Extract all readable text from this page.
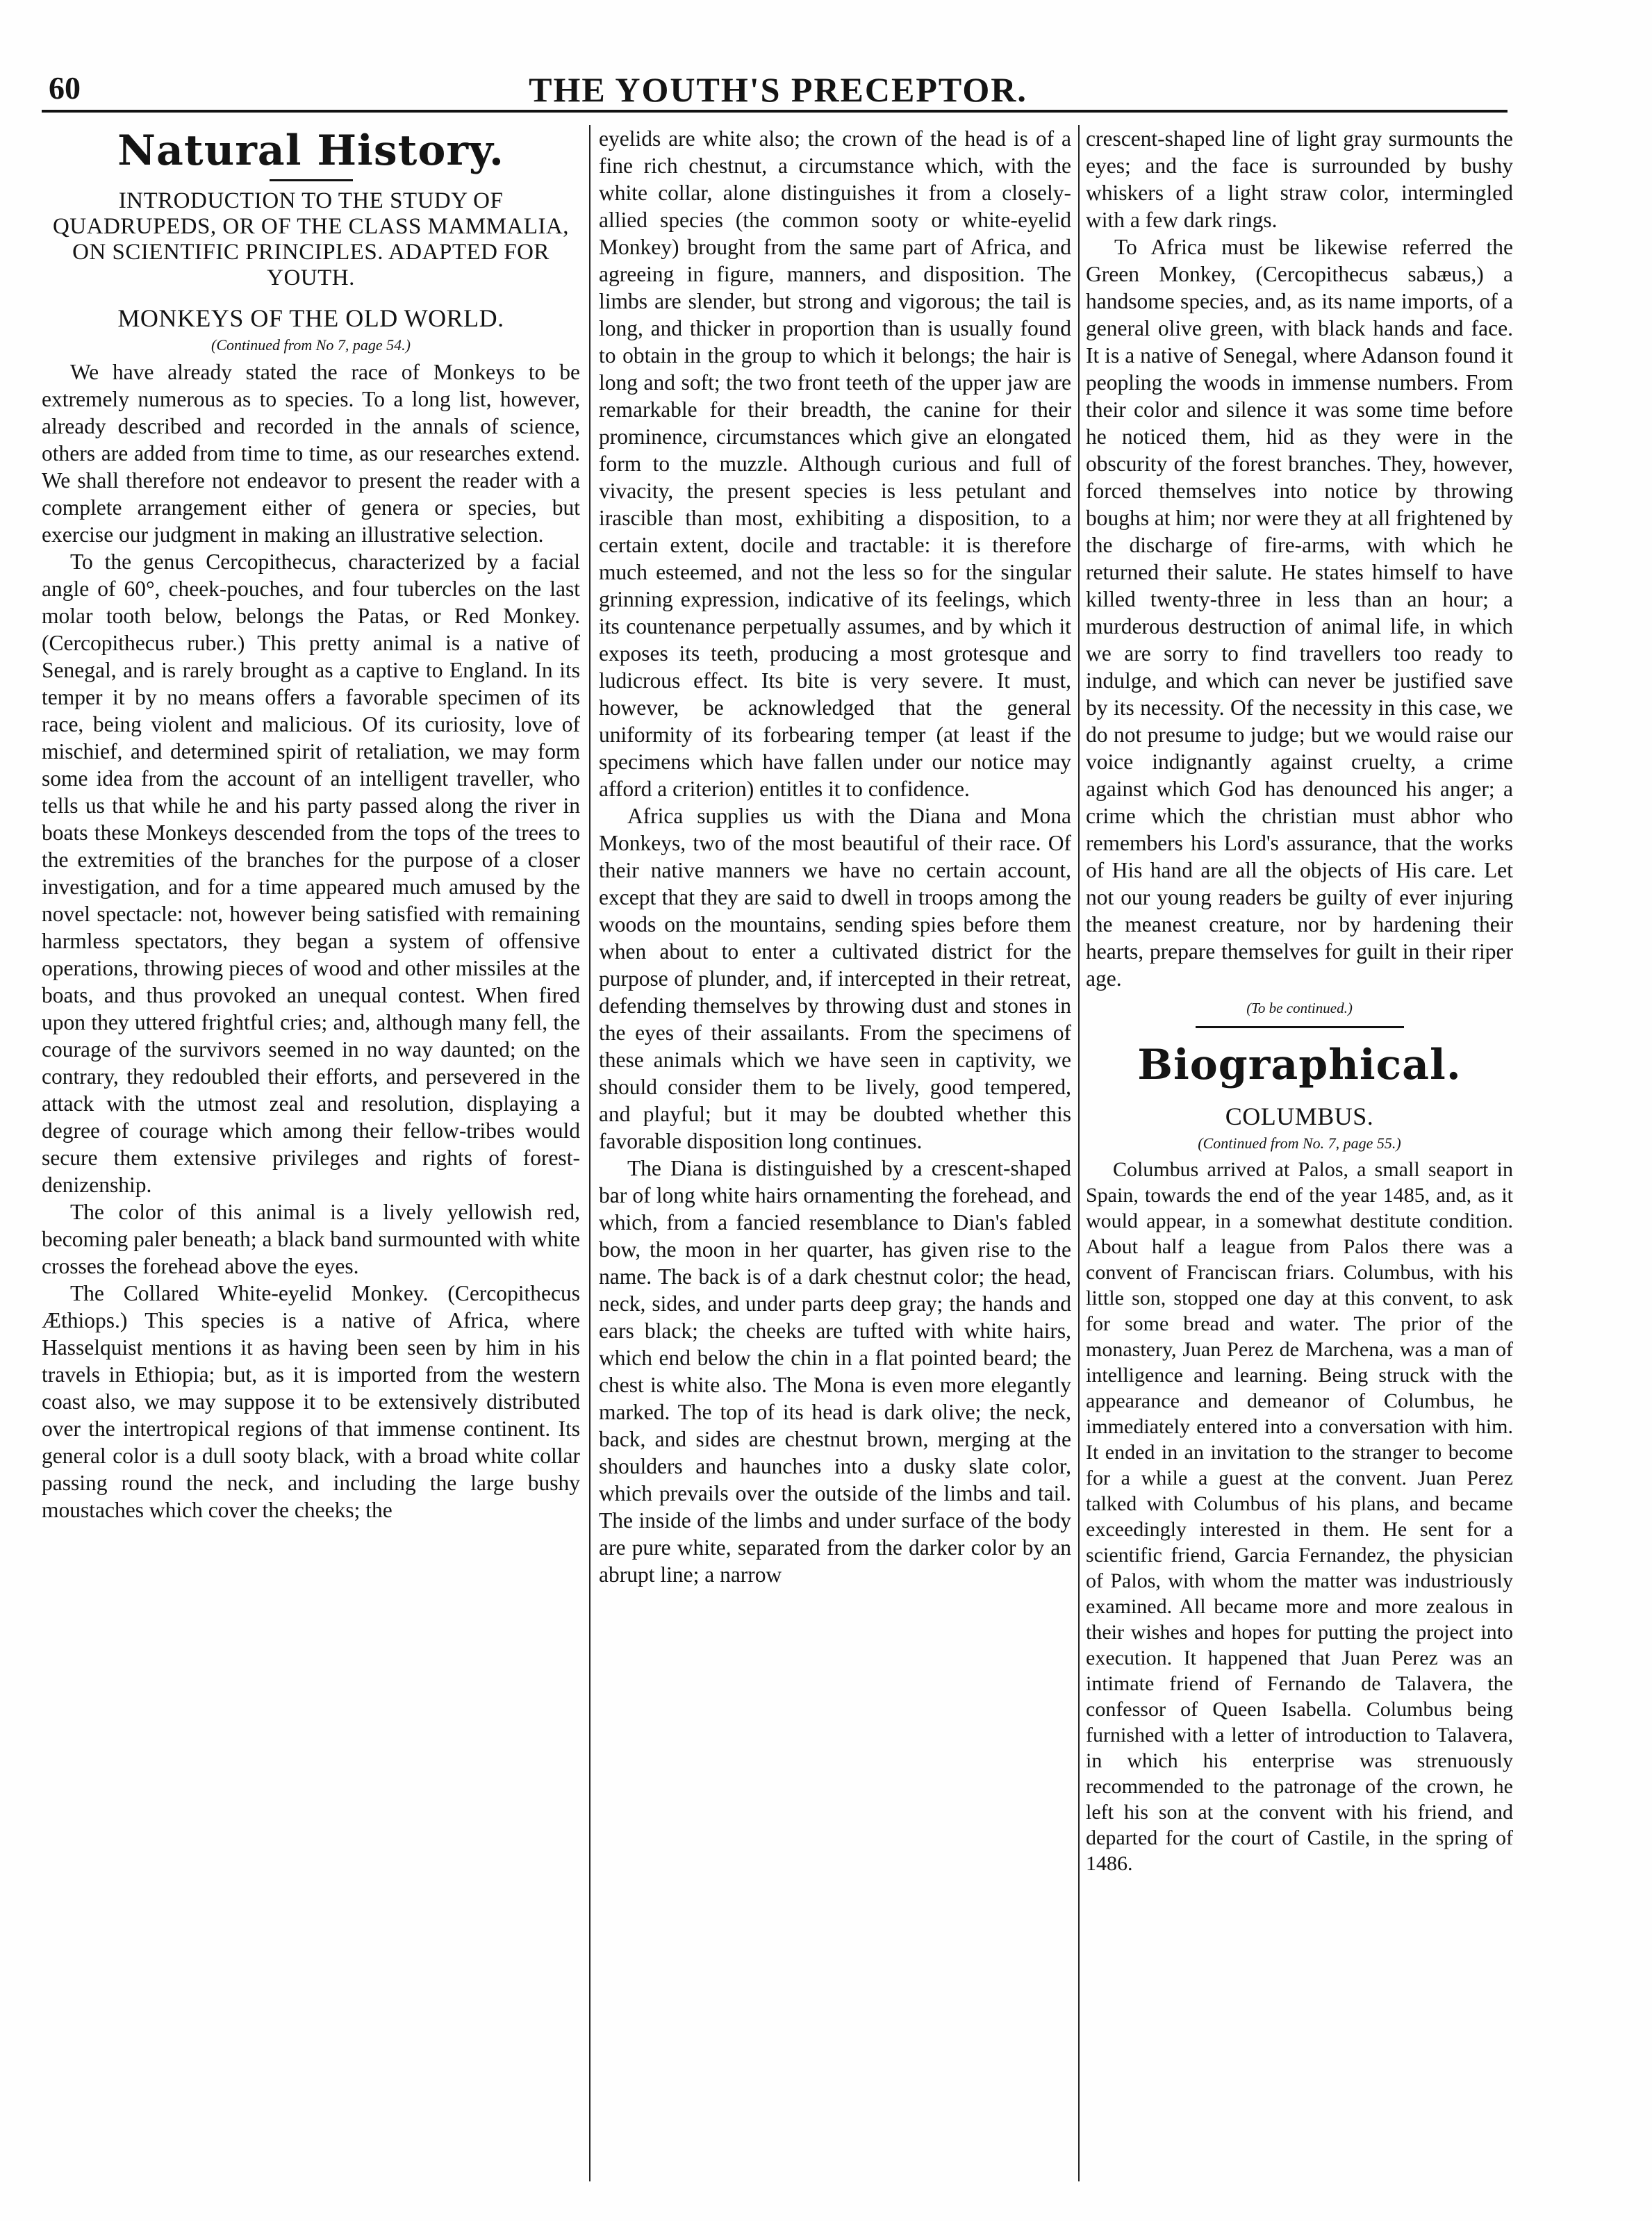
60	THE YOUTH'S PRECEPTOR.
Natural History.
INTRODUCTION TO THE STUDY OF QUADRUPEDS, OR OF THE CLASS MAMMALIA, ON SCIENTIFIC PRINCIPLES. ADAPTED FOR YOUTH.
MONKEYS OF THE OLD WORLD.
(Continued from No 7, page 54.)

We have already stated the race of Monkeys to be extremely numerous as to species. To a long list, however, already described and recorded in the annals of science, others are added from time to time, as our researches extend. We shall therefore not endeavor to present the reader with a complete arrangement either of genera or species, but exercise our judgment in making an illustrative selection.

To the genus Cercopithecus, characterized by a facial angle of 60°, cheek-pouches, and four tubercles on the last molar tooth below, belongs the Patas, or Red Monkey. (Cercopithecus ruber.) This pretty animal is a native of Senegal, and is rarely brought as a captive to England. In its temper it by no means offers a favorable specimen of its race, being violent and malicious. Of its curiosity, love of mischief, and determined spirit of retaliation, we may form some idea from the account of an intelligent traveller, who tells us that while he and his party passed along the river in boats these Monkeys descended from the tops of the trees to the extremities of the branches for the purpose of a closer investigation, and for a time appeared much amused by the novel spectacle: not, however being satisfied with remaining harmless spectators, they began a system of offensive operations, throwing pieces of wood and other missiles at the boats, and thus provoked an unequal contest. When fired upon they uttered frightful cries; and, although many fell, the courage of the survivors seemed in no way daunted; on the contrary, they redoubled their efforts, and persevered in the attack with the utmost zeal and resolution, displaying a degree of courage which among their fellow-tribes would secure them extensive privileges and rights of forest-denizenship.

The color of this animal is a lively yellowish red, becoming paler beneath; a black band surmounted with white crosses the forehead above the eyes.

The Collared White-eyelid Monkey. (Cercopithecus Æthiops.) This species is a native of Africa, where Hasselquist mentions it as having been seen by him in his travels in Ethiopia; but, as it is imported from the western coast also, we may suppose it to be extensively distributed over the intertropical regions of that immense continent. Its general color is a dull sooty black, with a broad white collar passing round the neck, and including the large bushy moustaches which cover the cheeks; the

eyelids are white also; the crown of the head is of a fine rich chestnut, a circumstance which, with the white collar, alone distinguishes it from a closely-allied species (the common sooty or white-eyelid Monkey) brought from the same part of Africa, and agreeing in figure, manners, and disposition. The limbs are slender, but strong and vigorous; the tail is long, and thicker in proportion than is usually found to obtain in the group to which it belongs; the hair is long and soft; the two front teeth of the upper jaw are remarkable for their breadth, the canine for their prominence, circumstances which give an elongated form to the muzzle. Although curious and full of vivacity, the present species is less petulant and irascible than most, exhibiting a disposition, to a certain extent, docile and tractable: it is therefore much esteemed, and not the less so for the singular grinning expression, indicative of its feelings, which its countenance perpetually assumes, and by which it exposes its teeth, producing a most grotesque and ludicrous effect. Its bite is very severe. It must, however, be acknowledged that the general uniformity of its forbearing temper (at least if the specimens which have fallen under our notice may afford a criterion) entitles it to confidence.

Africa supplies us with the Diana and Mona Monkeys, two of the most beautiful of their race. Of their native manners we have no certain account, except that they are said to dwell in troops among the woods on the mountains, sending spies before them when about to enter a cultivated district for the purpose of plunder, and, if intercepted in their retreat, defending themselves by throwing dust and stones in the eyes of their assailants. From the specimens of these animals which we have seen in captivity, we should consider them to be lively, good tempered, and playful; but it may be doubted whether this favorable disposition long continues.

The Diana is distinguished by a crescent-shaped bar of long white hairs ornamenting the forehead, and which, from a fancied resemblance to Dian's fabled bow, the moon in her quarter, has given rise to the name. The back is of a dark chestnut color; the head, neck, sides, and under parts deep gray; the hands and ears black; the cheeks are tufted with white hairs, which end below the chin in a flat pointed beard; the chest is white also. The Mona is even more elegantly marked. The top of its head is dark olive; the neck, back, and sides are chestnut brown, merging at the shoulders and haunches into a dusky slate color, which prevails over the outside of the limbs and tail. The inside of the limbs and under surface of the body are pure white, separated from the darker color by an abrupt line; a narrow

crescent-shaped line of light gray surmounts the eyes; and the face is surrounded by bushy whiskers of a light straw color, intermingled with a few dark rings.

To Africa must be likewise referred the Green Monkey, (Cercopithecus sabæus,) a handsome species, and, as its name imports, of a general olive green, with black hands and face. It is a native of Senegal, where Adanson found it peopling the woods in immense numbers. From their color and silence it was some time before he noticed them, hid as they were in the obscurity of the forest branches. They, however, forced themselves into notice by throwing boughs at him; nor were they at all frightened by the discharge of fire-arms, with which he returned their salute. He states himself to have killed twenty-three in less than an hour; a murderous destruction of animal life, in which we are sorry to find travellers too ready to indulge, and which can never be justified save by its necessity. Of the necessity in this case, we do not presume to judge; but we would raise our voice indignantly against cruelty, a crime against which God has denounced his anger; a crime which the christian must abhor who remembers his Lord's assurance, that the works of His hand are all the objects of His care. Let not our young readers be guilty of ever injuring the meanest creature, nor by hardening their hearts, prepare themselves for guilt in their riper age.

(To be continued.)
Biographical.
COLUMBUS.
(Continued from No. 7, page 55.)

Columbus arrived at Palos, a small seaport in Spain, towards the end of the year 1485, and, as it would appear, in a somewhat destitute condition. About half a league from Palos there was a convent of Franciscan friars. Columbus, with his little son, stopped one day at this convent, to ask for some bread and water. The prior of the monastery, Juan Perez de Marchena, was a man of intelligence and learning. Being struck with the appearance and demeanor of Columbus, he immediately entered into a conversation with him. It ended in an invitation to the stranger to become for a while a guest at the convent. Juan Perez talked with Columbus of his plans, and became exceedingly interested in them. He sent for a scientific friend, Garcia Fernandez, the physician of Palos, with whom the matter was industriously examined. All became more and more zealous in their wishes and hopes for putting the project into execution. It happened that Juan Perez was an intimate friend of Fernando de Talavera, the confessor of Queen Isabella. Columbus being furnished with a letter of introduction to Talavera, in which his enterprise was strenuously recommended to the patronage of the crown, he left his son at the convent with his friend, and departed for the court of Castile, in the spring of 1486.
